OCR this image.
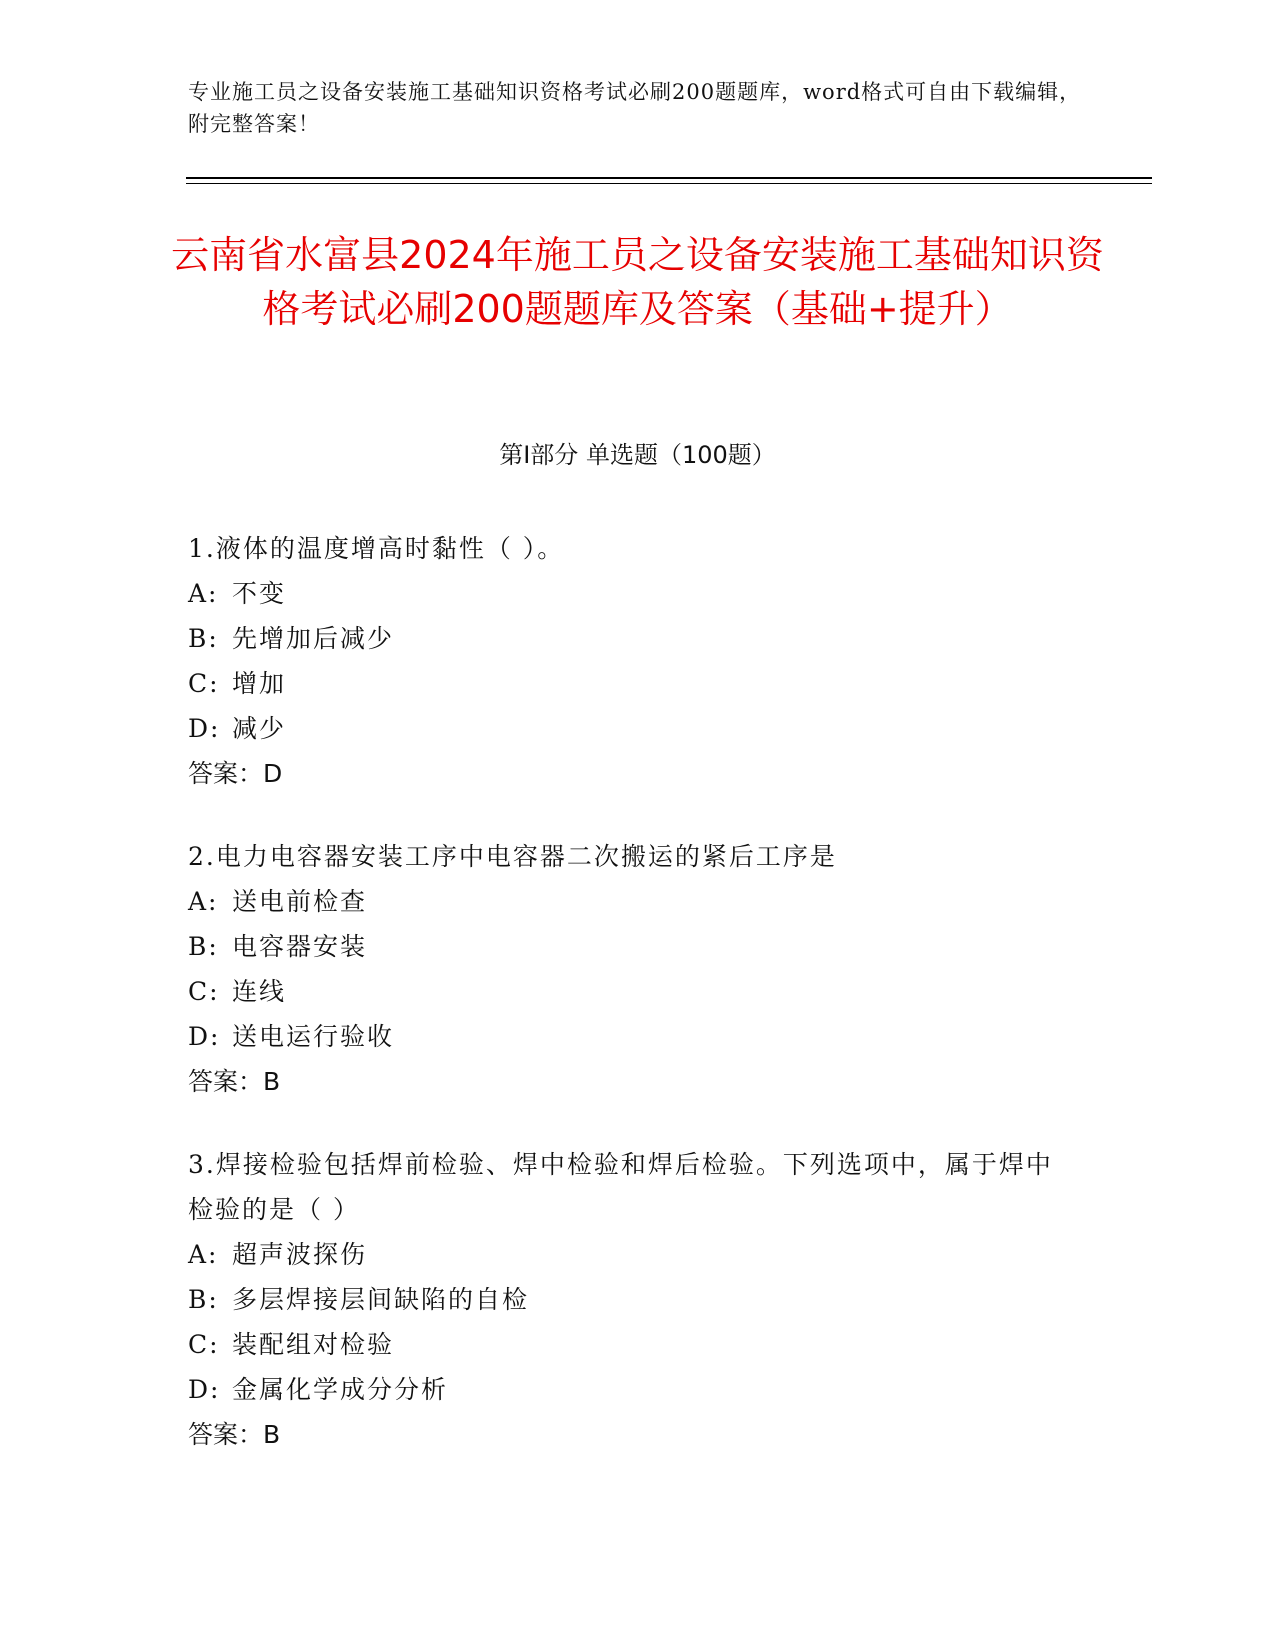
专业施工员之设备安装施工基础知识资格考试必刷200题题库，word格式可自由下载编辑，附完整答案！
云南省水富县2024年施工员之设备安装施工基础知识资格考试必刷200题题库及答案（基础+提升）
第Ⅰ部分 单选题（100题）
1.液体的温度增高时黏性（ ）。
A: 不变
B: 先增加后减少
C: 增加
D: 减少
答案：D
2.电力电容器安装工序中电容器二次搬运的紧后工序是
A: 送电前检查
B: 电容器安装
C: 连线
D: 送电运行验收
答案：B
3.焊接检验包括焊前检验、焊中检验和焊后检验。下列选项中，属于焊中检验的是（ ）
A: 超声波探伤
B: 多层焊接层间缺陷的自检
C: 装配组对检验
D: 金属化学成分分析
答案：B
